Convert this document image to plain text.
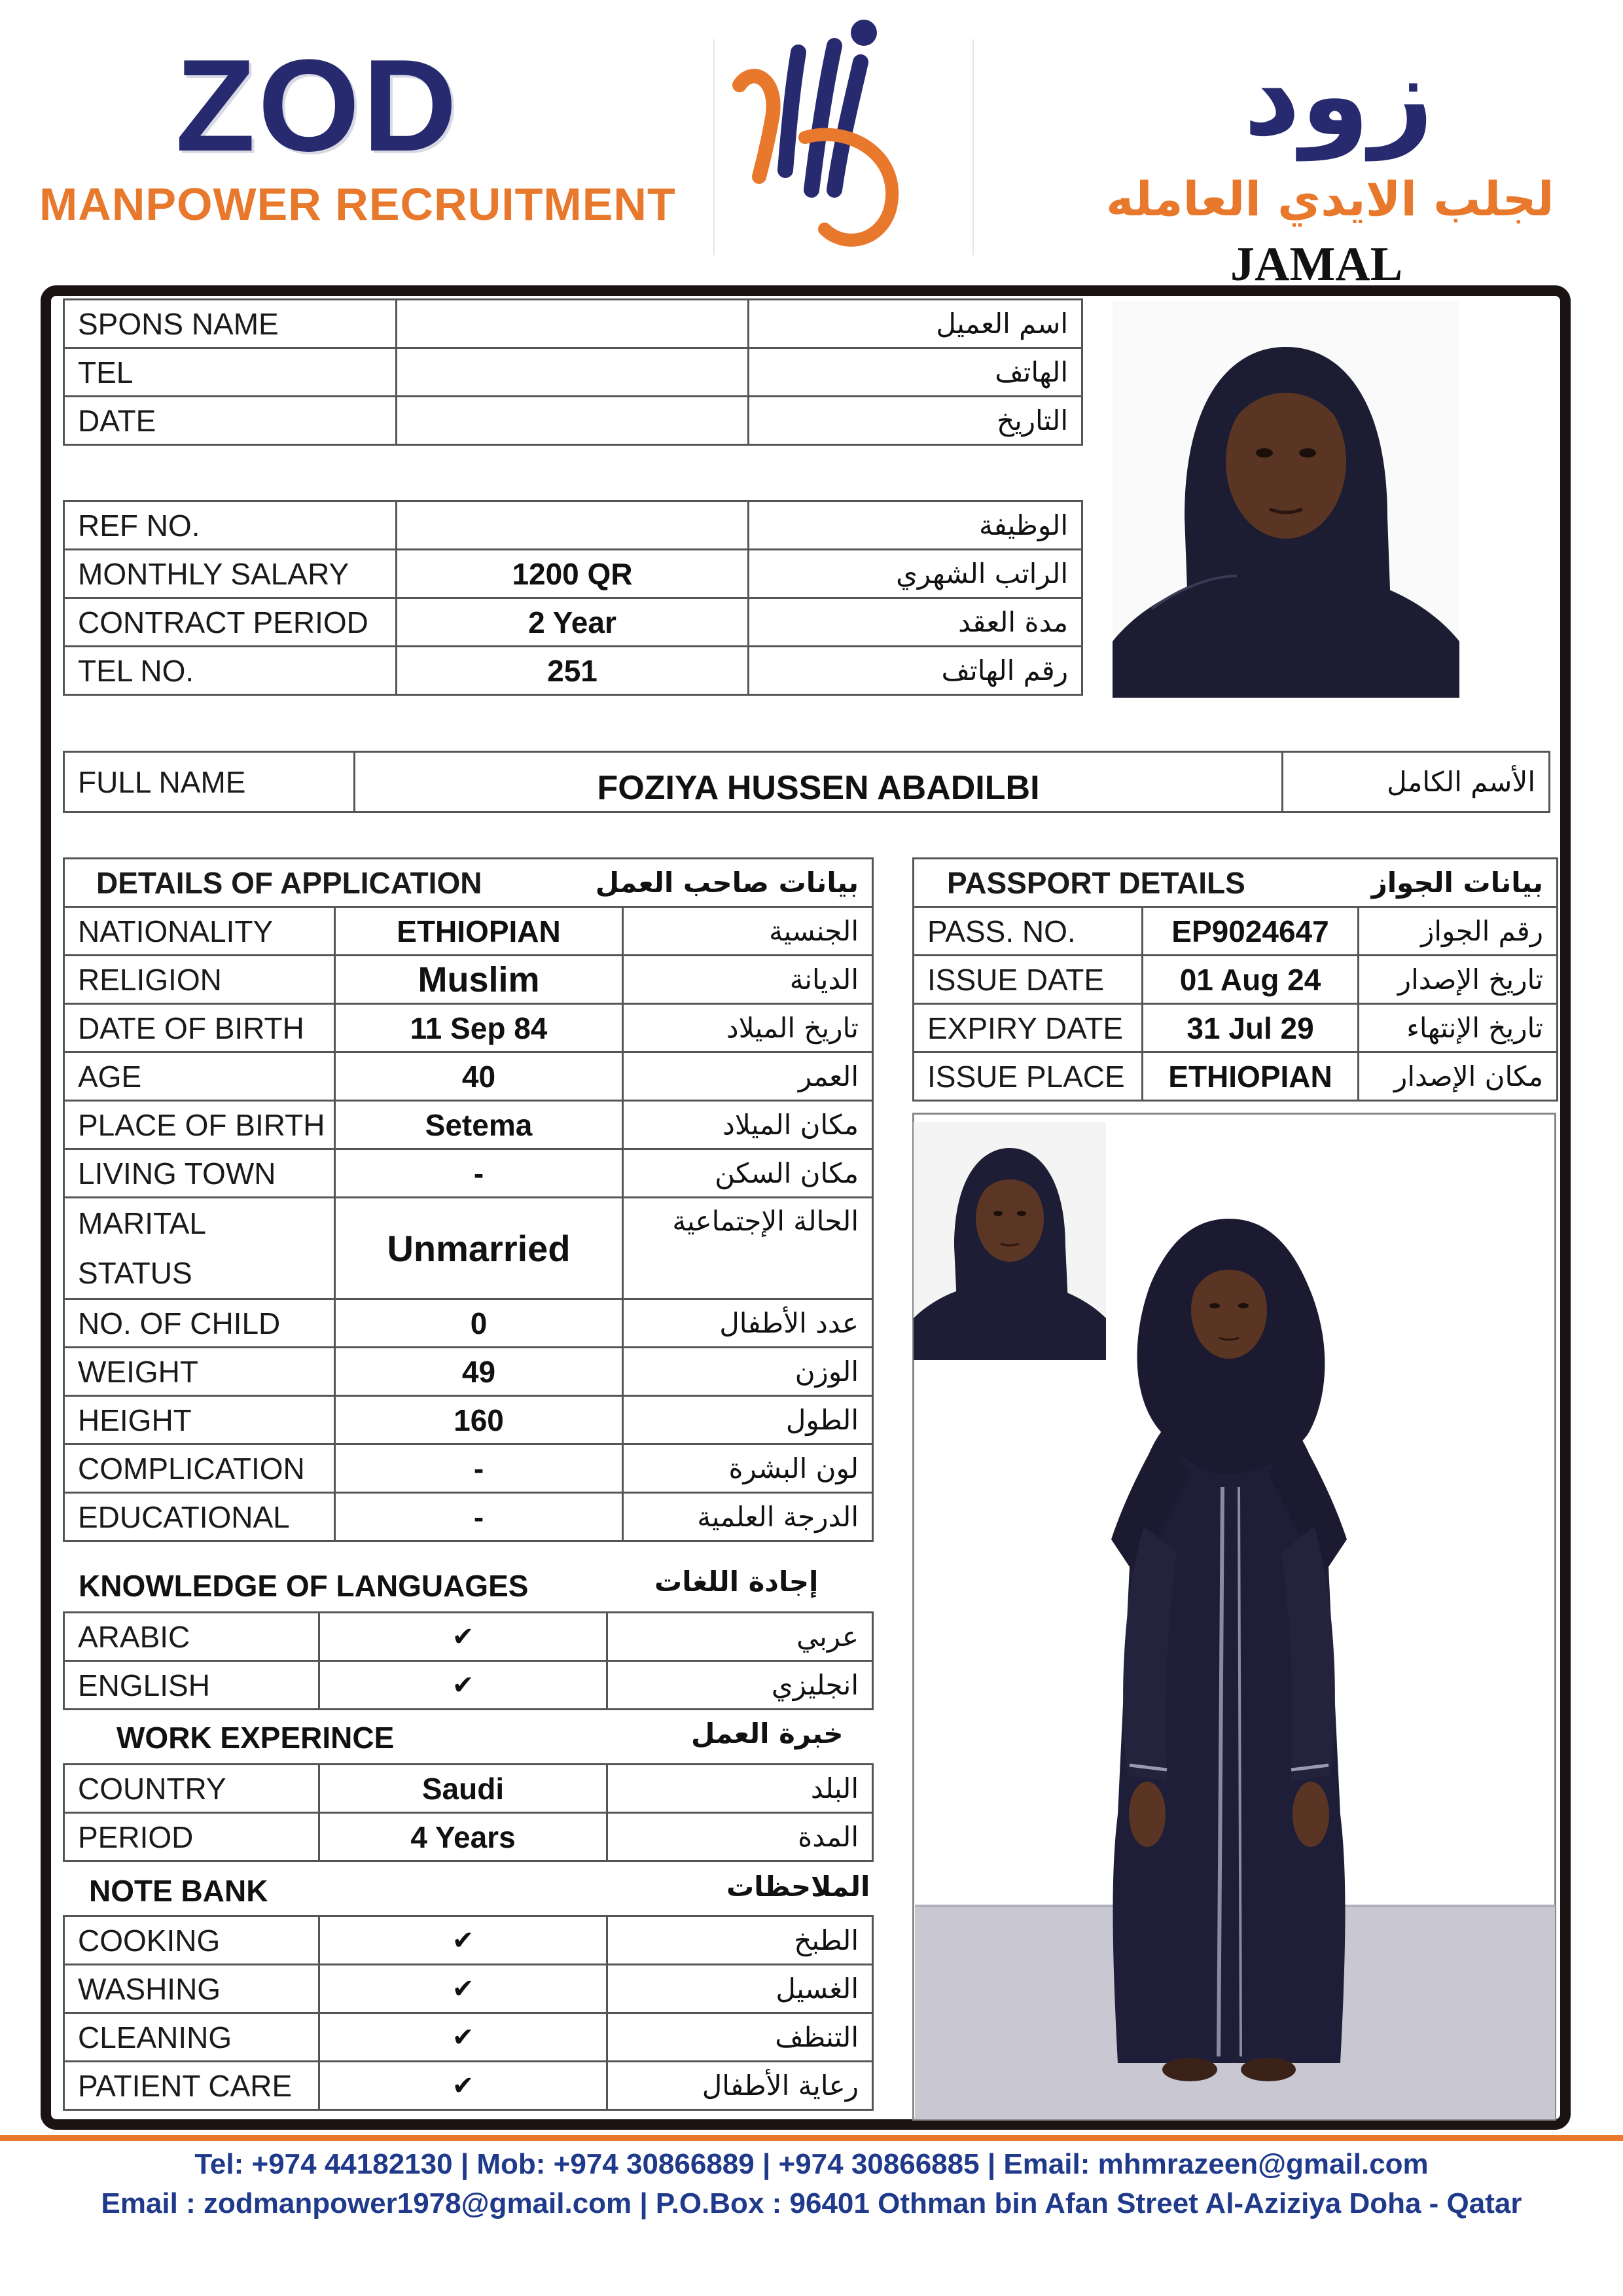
ZOD
MANPOWER RECRUITMENT
زود
لجلب الايدي العامله
JAMAL
SPONS NAME		اسم العميل
TEL		الهاتف
DATE		التاريخ
REF NO.		الوظيفة
MONTHLY SALARY	1200 QR	الراتب الشهري
CONTRACT PERIOD	2 Year	مدة العقد
TEL NO.	251	رقم الهاتف
FULL NAME	FOZIYA HUSSEN ABADILBI	الأسم الكامل
DETAILS OF APPLICATION		بيانات صاحب العمل
NATIONALITY	ETHIOPIAN	الجنسية
RELIGION	Muslim	الديانة
DATE OF BIRTH	11 Sep 84	تاريخ الميلاد
AGE	40	العمر
PLACE OF BIRTH	Setema	مكان الميلاد
LIVING TOWN	-	مكان السكن

MARITAL
STATUS	Unmarried	الحالة الإجتماعية
NO. OF CHILD	0	عدد الأطفال
WEIGHT	49	الوزن
HEIGHT	160	الطول
COMPLICATION	-	لون البشرة
EDUCATIONAL	-	الدرجة العلمية
KNOWLEDGE OF LANGUAGES	إجادة اللغات
ARABIC	✔	عربي
ENGLISH	✔	انجليزي
WORK EXPERINCE	خبرة العمل
COUNTRY	Saudi	البلد
PERIOD	4 Years	المدة
NOTE BANK	الملاحظات
COOKING	✔	الطبخ
WASHING	✔	الغسيل
CLEANING	✔	التنظف
PATIENT CARE	✔	رعاية الأطفال
PASSPORT DETAILS		بيانات الجواز
PASS. NO.	EP9024647	رقم الجواز
ISSUE DATE	01 Aug 24	تاريخ الإصدار
EXPIRY DATE	31 Jul 29	تاريخ الإنتهاء
ISSUE PLACE	ETHIOPIAN	مكان الإصدار
Tel: +974 44182130 | Mob: +974 30866889 | +974 30866885 | Email: mhmrazeen@gmail.com
Email : zodmanpower1978@gmail.com | P.O.Box : 96401 Othman bin Afan Street Al-Aziziya Doha - Qatar
